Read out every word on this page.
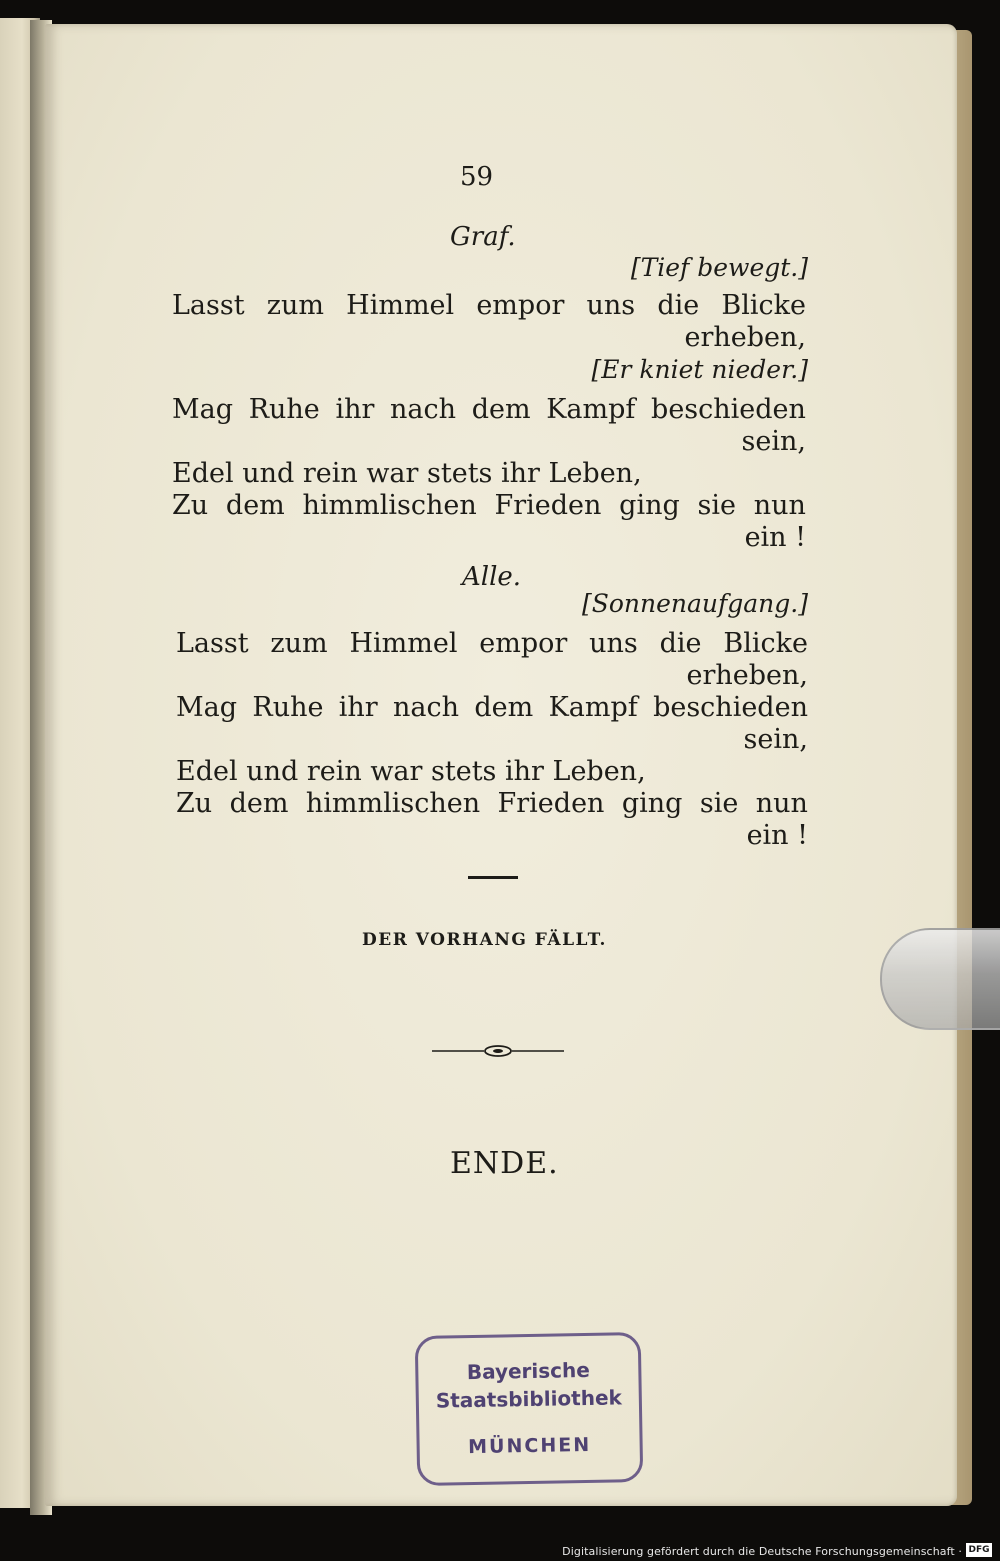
59
Graf.
[Tief bewegt.]
Lasst zum Himmel empor uns die Blicke
erheben,
[Er kniet nieder.]
Mag Ruhe ihr nach dem Kampf beschieden
sein,
Edel und rein war stets ihr Leben,
Zu dem himmlischen Frieden ging sie nun
ein !
Alle.
[Sonnenaufgang.]
Lasst zum Himmel empor uns die Blicke
erheben,
Mag Ruhe ihr nach dem Kampf beschieden
sein,
Edel und rein war stets ihr Leben,
Zu dem himmlischen Frieden ging sie nun
ein !
DER VORHANG FÄLLT.
ENDE.
Bayerische
Staatsbibliothek
MÜNCHEN
Digitalisierung gefördert durch die Deutsche Forschungsgemeinschaft · DFG
